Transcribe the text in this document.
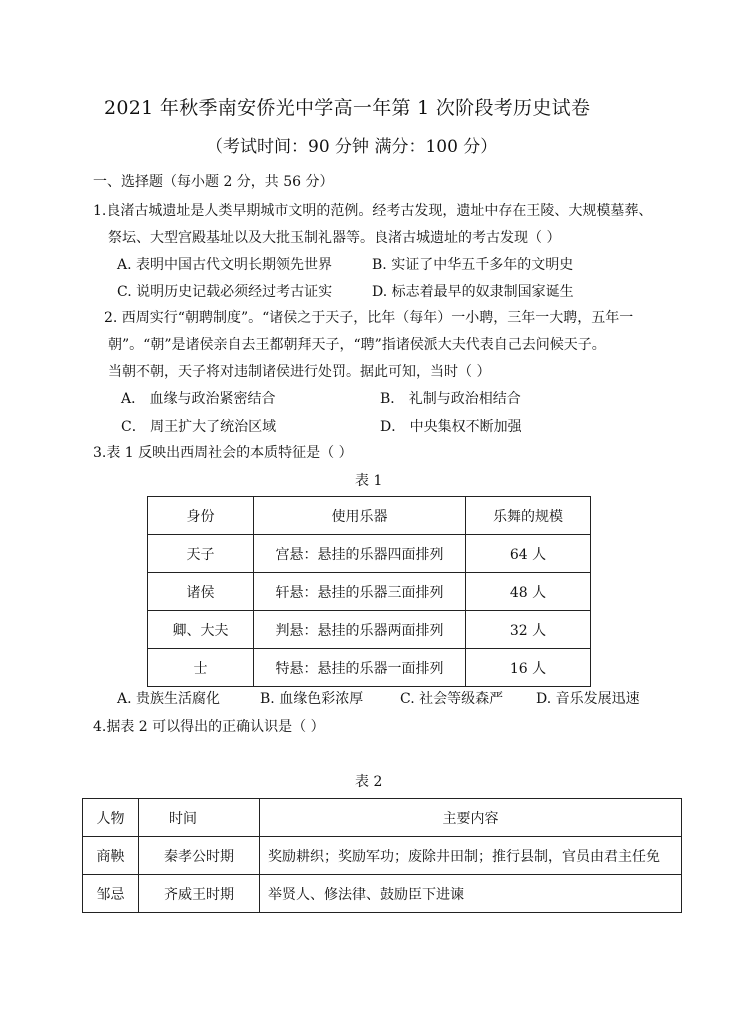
2021 年秋季南安侨光中学高一年第 1 次阶段考历史试卷
（考试时间：90 分钟 满分：100 分）
一、选择题（每小题 2 分，共 56 分）
1.良渚古城遗址是人类早期城市文明的范例。经考古发现，遗址中存在王陵、大规模墓葬、
祭坛、大型宫殿基址以及大批玉制礼器等。良渚古城遗址的考古发现（ ）
A. 表明中国古代文明长期领先世界	B. 实证了中华五千多年的文明史
C. 说明历史记载必须经过考古证实	D. 标志着最早的奴隶制国家诞生
2. 西周实行“朝聘制度”。“诸侯之于天子，比年（每年）一小聘，三年一大聘，五年一
朝”。“朝”是诸侯亲自去王都朝拜天子，“聘”指诸侯派大夫代表自己去问候天子。
当朝不朝，天子将对违制诸侯进行处罚。据此可知，当时（ ）
A． 血缘与政治紧密结合	B． 礼制与政治相结合
C． 周王扩大了统治区域	D． 中央集权不断加强
3.表 1 反映出西周社会的本质特征是（ ）
表 1
身份	使用乐器	乐舞的规模
天子	宫悬：悬挂的乐器四面排列	64 人
诸侯	轩悬：悬挂的乐器三面排列	48 人
卿、大夫	判悬：悬挂的乐器两面排列	32 人
士	特悬：悬挂的乐器一面排列	16 人
A. 贵族生活腐化	B. 血缘色彩浓厚	C. 社会等级森严 D. 音乐发展迅速
4.据表 2 可以得出的正确认识是（ ）
表 2
人物	时间	主要内容
商鞅	秦孝公时期	奖励耕织；奖励军功；废除井田制；推行县制，官员由君主任免
邹忌	齐威王时期	举贤人、修法律、鼓励臣下进谏
